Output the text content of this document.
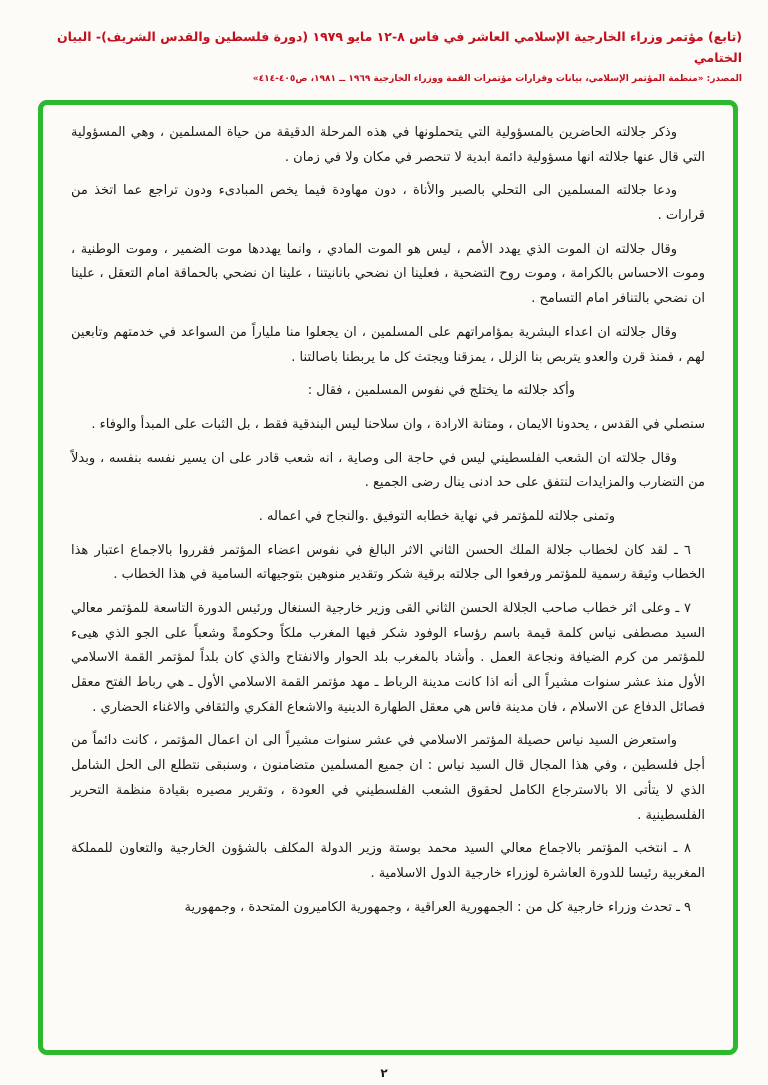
(تابع) مؤتمر وزراء الخارجية الإسلامي العاشر في فاس ٨-١٢ مايو ١٩٧٩ (دورة فلسطين والقدس الشريف)- البيان الختامي
المصدر: «منظمة المؤتمر الإسلامي، بيانات وقرارات مؤتمرات القمة ووزراء الخارجية ١٩٦٩ ــ ١٩٨١، ص٤٠٥-٤١٤»

وذكر جلالته الحاضرين بالمسؤولية التي يتحملونها في هذه المرحلة الدقيقة من حياة المسلمين ، وهي المسؤولية التي قال عنها جلالته انها مسؤولية دائمة ابدية لا تنحصر في مكان ولا في زمان .

ودعا جلالته المسلمين الى التحلي بالصبر والأناة ، دون مهاودة فيما يخص المبادىء ودون تراجع عما اتخذ من قرارات .

وقال جلالته ان الموت الذي يهدد الأمم ، ليس هو الموت المادي ، وانما يهددها موت الضمير ، وموت الوطنية ، وموت الاحساس بالكرامة ، وموت روح التضحية ، فعلينا ان نضحي بانانيتنا ، علينا ان نضحي بالحماقة امام التعقل ، علينا ان نضحي بالتنافر امام التسامح .

وقال جلالته ان اعداء البشرية بمؤامراتهم على المسلمين ، ان يجعلوا منا ملياراً من السواعد في خدمتهم وتابعين لهم ، فمنذ قرن والعدو يتربص بنا الزلل ، يمزقنا ويجتث كل ما يربطنا باصالتنا .

وأكد جلالته ما يختلج في نفوس المسلمين ، فقال :

سنصلي في القدس ، يحدونا الايمان ، ومتانة الارادة ، وان سلاحنا ليس البندقية فقط ، بل الثبات على المبدأ والوفاء .

وقال جلالته ان الشعب الفلسطيني ليس في حاجة الى وصاية ، انه شعب قادر على ان يسير نفسه بنفسه ، وبدلاً من التضارب والمزايدات لنتفق على حد ادنى ينال رضى الجميع .

وتمنى جلالته للمؤتمر في نهاية خطابه التوفيق .والنجاح في اعماله .

٦ ـ لقد كان لخطاب جلالة الملك الحسن الثاني الاثر البالغ في نفوس اعضاء المؤتمر فقرروا بالاجماع اعتبار هذا الخطاب وثيقة رسمية للمؤتمر ورفعوا الى جلالته برقية شكر وتقدير منوهين بتوجيهاته السامية في هذا الخطاب .

٧ ـ وعلى اثر خطاب صاحب الجلالة الحسن الثاني القى وزير خارجية السنغال ورئيس الدورة التاسعة للمؤتمر معالي السيد مصطفى نياس كلمة قيمة باسم رؤساء الوفود شكر فيها المغرب ملكاً وحكومةً وشعباً على الجو الذي هيىء للمؤتمر من كرم الضيافة ونجاعة العمل . وأشاد بالمغرب بلد الحوار والانفتاح والذي كان بلداً لمؤتمر القمة الاسلامي الأول منذ عشر سنوات مشيراً الى أنه اذا كانت مدينة الرباط ـ مهد مؤتمر القمة الاسلامي الأول ـ هي رباط الفتح معقل فصائل الدفاع عن الاسلام ، فان مدينة فاس هي معقل الطهارة الدينية والاشعاع الفكري والثقافي والاغناء الحضاري .

واستعرض السيد نياس حصيلة المؤتمر الاسلامي في عشر سنوات مشيراً الى ان اعمال المؤتمر ، كانت دائماً من أجل فلسطين ، وفي هذا المجال قال السيد نياس : ان جميع المسلمين متضامنون ، وسنبقى نتطلع الى الحل الشامل الذي لا يتأتى الا بالاسترجاع الكامل لحقوق الشعب الفلسطيني في العودة ، وتقرير مصيره بقيادة منظمة التحرير الفلسطينية .

٨ ـ انتخب المؤتمر بالاجماع معالي السيد محمد بوستة وزير الدولة المكلف بالشؤون الخارجية والتعاون للمملكة المغربية رئيسا للدورة العاشرة لوزراء خارجية الدول الاسلامية .

٩ ـ تحدث وزراء خارجية كل من : الجمهورية العراقية ، وجمهورية الكاميرون المتحدة ، وجمهورية

٢
